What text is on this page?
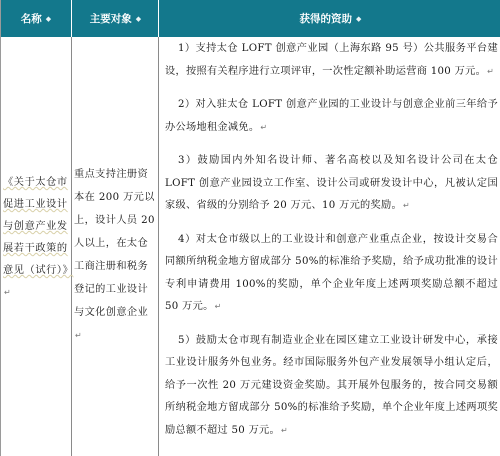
名称 ◆	主要对象 ◆	获得的资助 ◆
《关于太仓市促进工业设计与创意产业发展若干政策的意见（试行）》↵
重点支持注册资本在 200 万元以上，设计人员 20 人以上，在太仓工商注册和税务登记的工业设计与文化创意企业↵

1）支持太仓 LOFT 创意产业园（上海东路 95 号）公共服务平台建设，按照有关程序进行立项评审，一次性定额补助运营商 100 万元。↵

2）对入驻太仓 LOFT 创意产业园的工业设计与创意企业前三年给予办公场地租金减免。↵

3）鼓励国内外知名设计师、著名高校以及知名设计公司在太仓 LOFT 创意产业园设立工作室、设计公司或研发设计中心，凡被认定国家级、省级的分别给予 20 万元、10 万元的奖励。↵

4）对太仓市级以上的工业设计和创意产业重点企业，按设计交易合同额所纳税金地方留成部分 50%的标准给予奖励，给予成功批准的设计专利申请费用 100%的奖励，单个企业年度上述两项奖励总额不超过 50 万元。↵

5）鼓励太仓市现有制造业企业在园区建立工业设计研发中心，承接工业设计服务外包业务。经市国际服务外包产业发展领导小组认定后，给予一次性 20 万元建设资金奖励。其开展外包服务的，按合同交易额所纳税金地方留成部分 50%的标准给予奖励，单个企业年度上述两项奖励总额不超过 50 万元。↵
